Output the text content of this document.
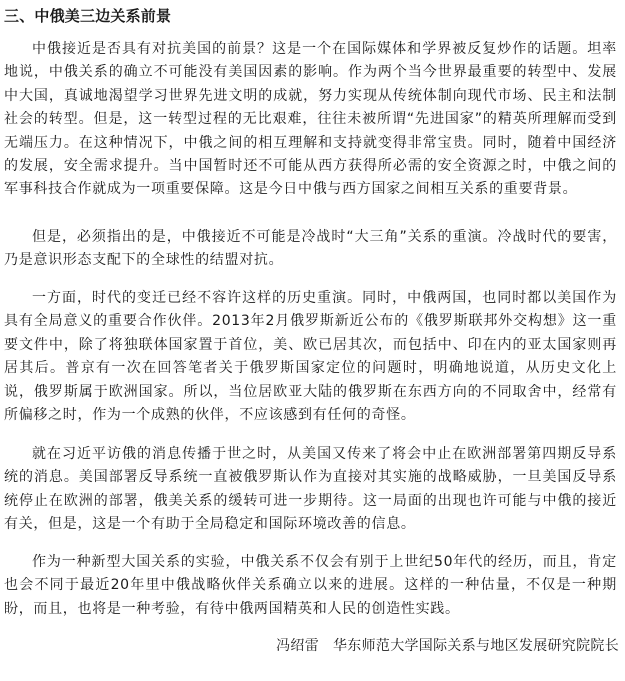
三、中俄美三边关系前景

中俄接近是否具有对抗美国的前景？这是一个在国际媒体和学界被反复炒作的话题。坦率地说，中俄关系的确立不可能没有美国因素的影响。作为两个当今世界最重要的转型中、发展中大国，真诚地渴望学习世界先进文明的成就，努力实现从传统体制向现代市场、民主和法制社会的转型。但是，这一转型过程的无比艰难，往往未被所谓“先进国家”的精英所理解而受到无端压力。在这种情况下，中俄之间的相互理解和支持就变得非常宝贵。同时，随着中国经济的发展，安全需求提升。当中国暂时还不可能从西方获得所必需的安全资源之时，中俄之间的军事科技合作就成为一项重要保障。这是今日中俄与西方国家之间相互关系的重要背景。

但是，必须指出的是，中俄接近不可能是冷战时“大三角”关系的重演。冷战时代的要害，乃是意识形态支配下的全球性的结盟对抗。

一方面，时代的变迁已经不容许这样的历史重演。同时，中俄两国，也同时都以美国作为具有全局意义的重要合作伙伴。2013年2月俄罗斯新近公布的《俄罗斯联邦外交构想》这一重要文件中，除了将独联体国家置于首位，美、欧已居其次，而包括中、印在内的亚太国家则再居其后。普京有一次在回答笔者关于俄罗斯国家定位的问题时，明确地说道，从历史文化上说，俄罗斯属于欧洲国家。所以，当位居欧亚大陆的俄罗斯在东西方向的不同取舍中，经常有所偏移之时，作为一个成熟的伙伴，不应该感到有任何的奇怪。

就在习近平访俄的消息传播于世之时，从美国又传来了将会中止在欧洲部署第四期反导系统的消息。美国部署反导系统一直被俄罗斯认作为直接对其实施的战略威胁，一旦美国反导系统停止在欧洲的部署，俄美关系的缓转可进一步期待。这一局面的出现也许可能与中俄的接近有关，但是，这是一个有助于全局稳定和国际环境改善的信息。

作为一种新型大国关系的实验，中俄关系不仅会有别于上世纪50年代的经历，而且，肯定也会不同于最近20年里中俄战略伙伴关系确立以来的进展。这样的一种估量，不仅是一种期盼，而且，也将是一种考验，有待中俄两国精英和人民的创造性实践。

冯绍雷 华东师范大学国际关系与地区发展研究院院长
